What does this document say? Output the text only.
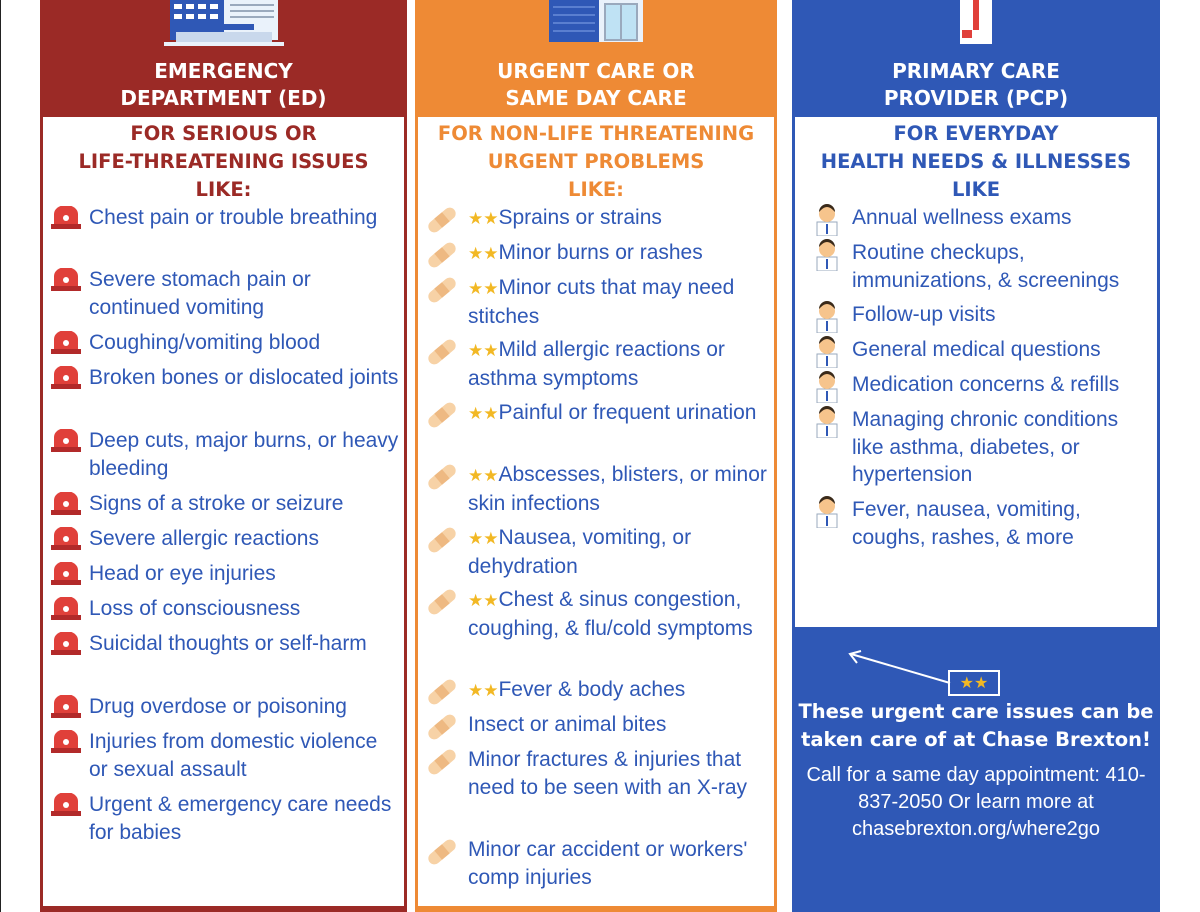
EMERGENCY
DEPARTMENT (ED)
FOR SERIOUS OR
LIFE-THREATENING ISSUES
LIKE:
Chest pain or trouble breathing
Severe stomach pain or continued vomiting
Coughing/vomiting blood
Broken bones or dislocated joints
Deep cuts, major burns, or heavy bleeding
Signs of a stroke or seizure
Severe allergic reactions
Head or eye injuries
Loss of consciousness
Suicidal thoughts or self-harm
Drug overdose or poisoning
Injuries from domestic violence or sexual assault
Urgent & emergency care needs for babies
URGENT CARE OR
SAME DAY CARE
FOR NON-LIFE THREATENING
URGENT PROBLEMS
LIKE:
★★Sprains or strains
★★Minor burns or rashes
★★Minor cuts that may need stitches
★★Mild allergic reactions or asthma symptoms
★★Painful or frequent urination
★★Abscesses, blisters, or minor skin infections
★★Nausea, vomiting, or dehydration
★★Chest & sinus congestion, coughing, & flu/cold symptoms
★★Fever & body aches
Insect or animal bites
Minor fractures & injuries that need to be seen with an X-ray
Minor car accident or workers' comp injuries
PRIMARY CARE
PROVIDER (PCP)
FOR EVERYDAY
HEALTH NEEDS & ILLNESSES
LIKE
Annual wellness exams
Routine checkups, immunizations, & screenings
Follow-up visits
General medical questions
Medication concerns & refills
Managing chronic conditions like asthma, diabetes, or hypertension
Fever, nausea, vomiting, coughs, rashes, & more
★★
These urgent care issues can be taken care of at Chase Brexton!
Call for a same day appointment: 410-837-2050 Or learn more at chasebrexton.org/where2go
